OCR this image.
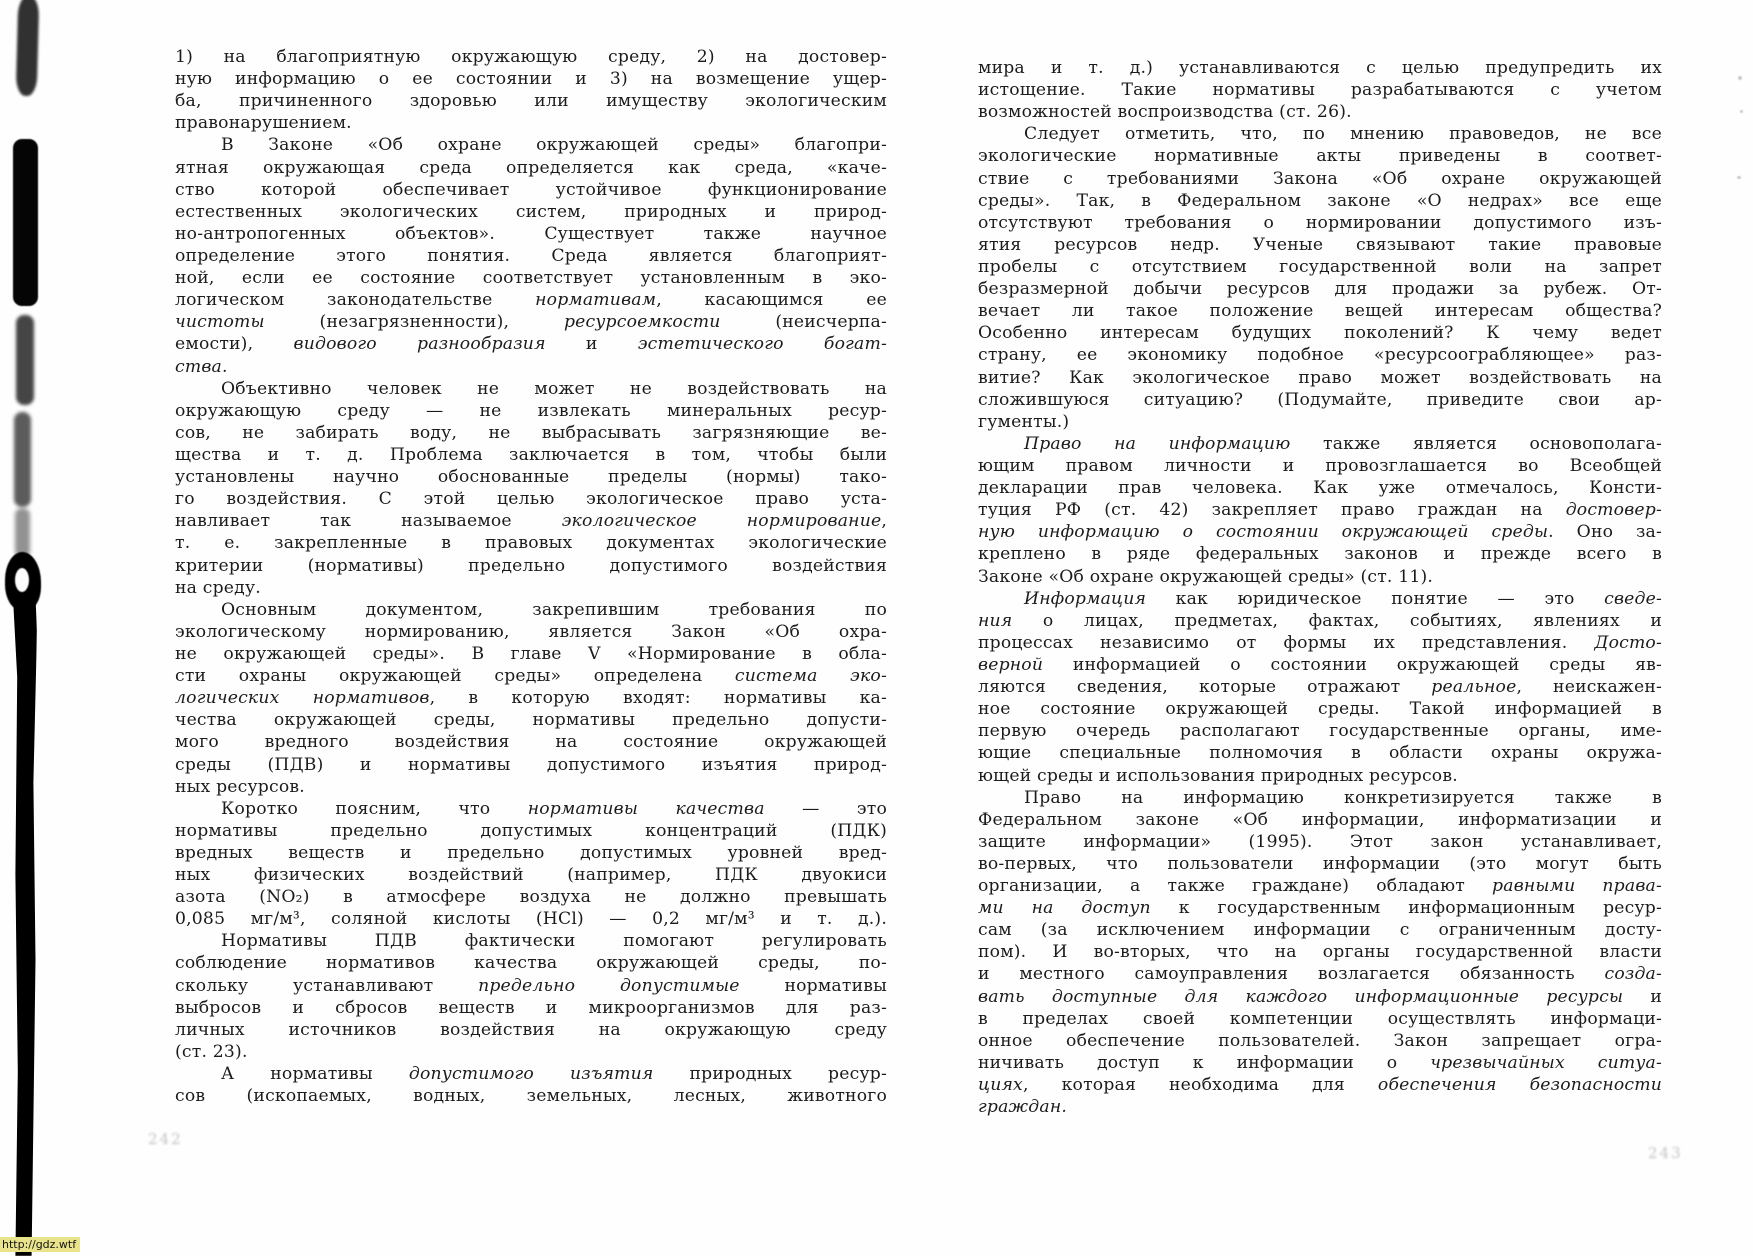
1) на благоприятную окружающую среду, 2) на достовер-
ную информацию о ее состоянии и 3) на возмещение ущер-
ба, причиненного здоровью или имуществу экологическим
правонарушением.
В Законе «Об охране окружающей среды» благопри-
ятная окружающая среда определяется как среда, «каче-
ство которой обеспечивает устойчивое функционирование
естественных экологических систем, природных и природ-
но-антропогенных объектов». Существует также научное
определение этого понятия. Среда является благоприят-
ной, если ее состояние соответствует установленным в эко-
логическом законодательстве нормативам, касающимся ее
чистоты (незагрязненности), ресурсоемкости (неисчерпа-
емости), видового разнообразия и эстетического богат-
ства.
Объективно человек не может не воздействовать на
окружающую среду — не извлекать минеральных ресур-
сов, не забирать воду, не выбрасывать загрязняющие ве-
щества и т. д. Проблема заключается в том, чтобы были
установлены научно обоснованные пределы (нормы) тако-
го воздействия. С этой целью экологическое право уста-
навливает так называемое экологическое нормирование,
т. е. закрепленные в правовых документах экологические
критерии (нормативы) предельно допустимого воздействия
на среду.
Основным документом, закрепившим требования по
экологическому нормированию, является Закон «Об охра-
не окружающей среды». В главе V «Нормирование в обла-
сти охраны окружающей среды» определена система эко-
логических нормативов, в которую входят: нормативы ка-
чества окружающей среды, нормативы предельно допусти-
мого вредного воздействия на состояние окружающей
среды (ПДВ) и нормативы допустимого изъятия природ-
ных ресурсов.
Коротко поясним, что нормативы качества — это
нормативы предельно допустимых концентраций (ПДК)
вредных веществ и предельно допустимых уровней вред-
ных физических воздействий (например, ПДК двуокиси
азота (NO₂) в атмосфере воздуха не должно превышать
0,085 мг/м³, соляной кислоты (HCl) — 0,2 мг/м³ и т. д.).
Нормативы ПДВ фактически помогают регулировать
соблюдение нормативов качества окружающей среды, по-
скольку устанавливают предельно допустимые нормативы
выбросов и сбросов веществ и микроорганизмов для раз-
личных источников воздействия на окружающую среду
(ст. 23).
А нормативы допустимого изъятия природных ресур-
сов (ископаемых, водных, земельных, лесных, животного
мира и т. д.) устанавливаются с целью предупредить их
истощение. Такие нормативы разрабатываются с учетом
возможностей воспроизводства (ст. 26).
Следует отметить, что, по мнению правоведов, не все
экологические нормативные акты приведены в соответ-
ствие с требованиями Закона «Об охране окружающей
среды». Так, в Федеральном законе «О недрах» все еще
отсутствуют требования о нормировании допустимого изъ-
ятия ресурсов недр. Ученые связывают такие правовые
пробелы с отсутствием государственной воли на запрет
безразмерной добычи ресурсов для продажи за рубеж. От-
вечает ли такое положение вещей интересам общества?
Особенно интересам будущих поколений? К чему ведет
страну, ее экономику подобное «ресурсоограбляющее» раз-
витие? Как экологическое право может воздействовать на
сложившуюся ситуацию? (Подумайте, приведите свои ар-
гументы.)
Право на информацию также является основополага-
ющим правом личности и провозглашается во Всеобщей
декларации прав человека. Как уже отмечалось, Консти-
туция РФ (ст. 42) закрепляет право граждан на достовер-
ную информацию о состоянии окружающей среды. Оно за-
креплено в ряде федеральных законов и прежде всего в
Законе «Об охране окружающей среды» (ст. 11).
Информация как юридическое понятие — это сведе-
ния о лицах, предметах, фактах, событиях, явлениях и
процессах независимо от формы их представления. Досто-
верной информацией о состоянии окружающей среды яв-
ляются сведения, которые отражают реальное, неискажен-
ное состояние окружающей среды. Такой информацией в
первую очередь располагают государственные органы, име-
ющие специальные полномочия в области охраны окружа-
ющей среды и использования природных ресурсов.
Право на информацию конкретизируется также в
Федеральном законе «Об информации, информатизации и
защите информации» (1995). Этот закон устанавливает,
во-первых, что пользователи информации (это могут быть
организации, а также граждане) обладают равными права-
ми на доступ к государственным информационным ресур-
сам (за исключением информации с ограниченным досту-
пом). И во-вторых, что на органы государственной власти
и местного самоуправления возлагается обязанность созда-
вать доступные для каждого информационные ресурсы и
в пределах своей компетенции осуществлять информаци-
онное обеспечение пользователей. Закон запрещает огра-
ничивать доступ к информации о чрезвычайных ситуа-
циях, которая необходима для обеспечения безопасности
граждан.
242
243
http://gdz.wtf
